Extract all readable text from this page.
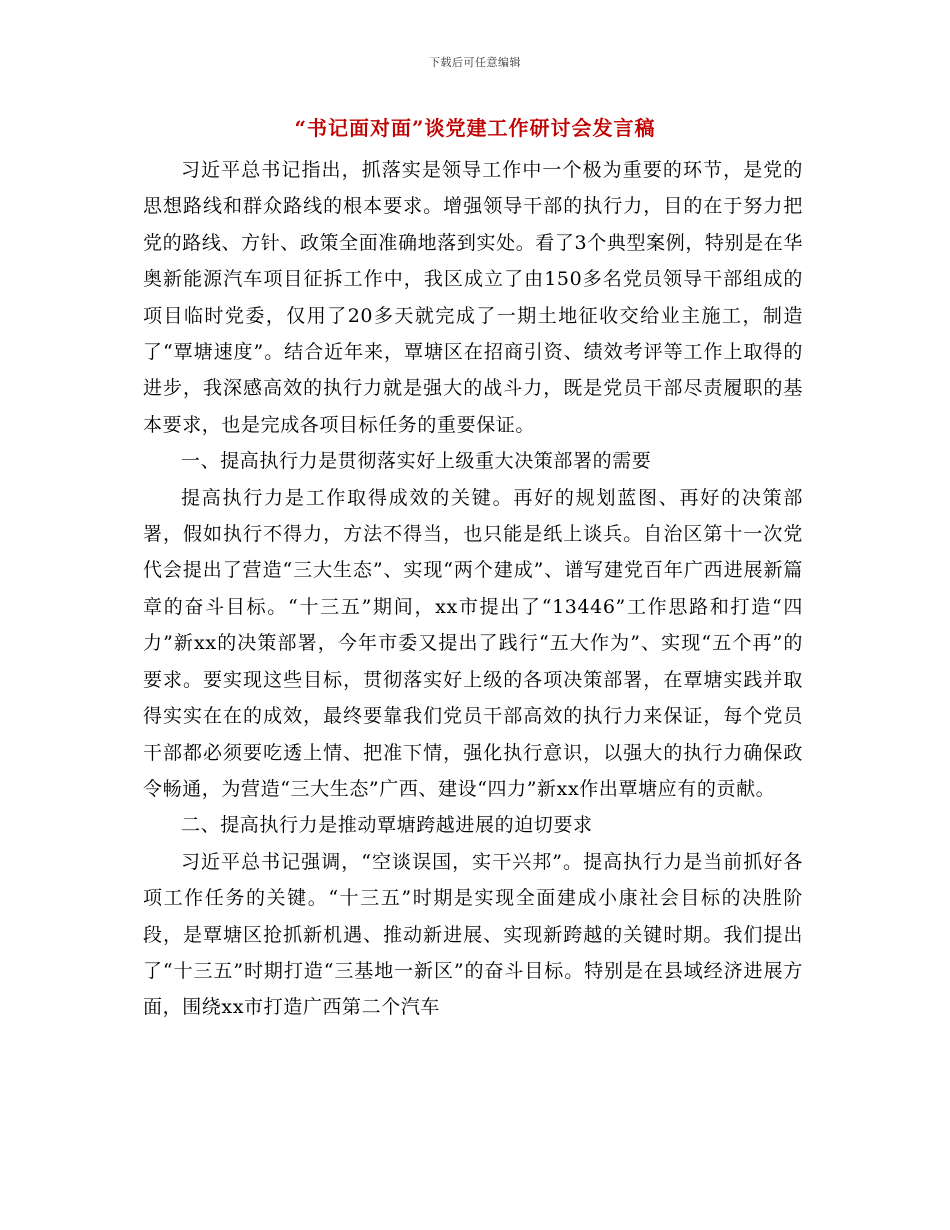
下载后可任意编辑
“书记面对面”谈党建工作研讨会发言稿

习近平总书记指出，抓落实是领导工作中一个极为重要的环节，是党的思想路线和群众路线的根本要求。增强领导干部的执行力，目的在于努力把党的路线、方针、政策全面准确地落到实处。看了3个典型案例，特别是在华奥新能源汽车项目征拆工作中，我区成立了由150多名党员领导干部组成的项目临时党委，仅用了20多天就完成了一期土地征收交给业主施工，制造了“覃塘速度”。结合近年来，覃塘区在招商引资、绩效考评等工作上取得的进步，我深感高效的执行力就是强大的战斗力，既是党员干部尽责履职的基本要求，也是完成各项目标任务的重要保证。

一、提高执行力是贯彻落实好上级重大决策部署的需要

提高执行力是工作取得成效的关键。再好的规划蓝图、再好的决策部署，假如执行不得力，方法不得当，也只能是纸上谈兵。自治区第十一次党代会提出了营造“三大生态”、实现“两个建成”、谱写建党百年广西进展新篇章的奋斗目标。“十三五”期间，xx市提出了“13446”工作思路和打造“四力”新xx的决策部署，今年市委又提出了践行“五大作为”、实现“五个再”的要求。要实现这些目标，贯彻落实好上级的各项决策部署，在覃塘实践并取得实实在在的成效，最终要靠我们党员干部高效的执行力来保证，每个党员干部都必须要吃透上情、把准下情，强化执行意识，以强大的执行力确保政令畅通，为营造“三大生态”广西、建设“四力”新xx作出覃塘应有的贡献。

二、提高执行力是推动覃塘跨越进展的迫切要求

习近平总书记强调，“空谈误国，实干兴邦”。提高执行力是当前抓好各项工作任务的关键。“十三五”时期是实现全面建成小康社会目标的决胜阶段，是覃塘区抢抓新机遇、推动新进展、实现新跨越的关键时期。我们提出了“十三五”时期打造“三基地一新区”的奋斗目标。特别是在县域经济进展方面，围绕xx市打造广西第二个汽车
